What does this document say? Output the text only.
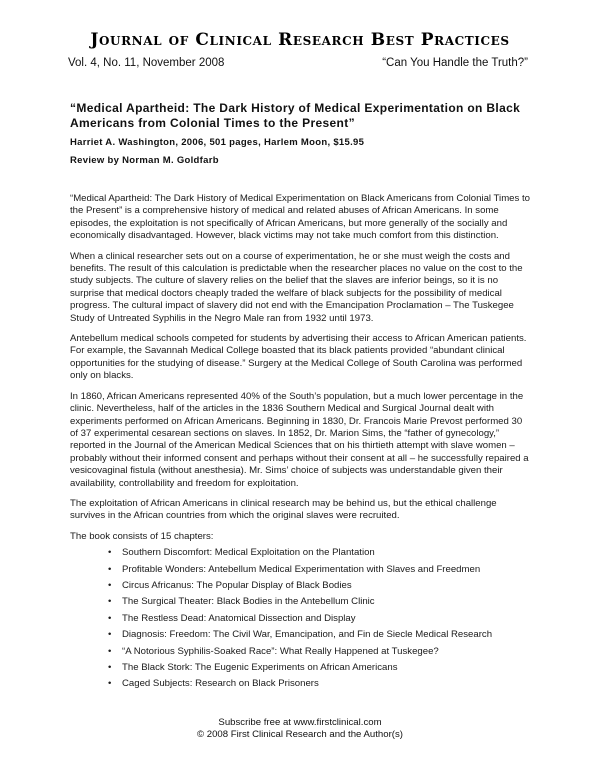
Journal of Clinical Research Best Practices
Vol. 4, No. 11, November 2008	“Can You Handle the Truth?”
“Medical Apartheid: The Dark History of Medical Experimentation on Black Americans from Colonial Times to the Present”

Harriet A. Washington, 2006, 501 pages, Harlem Moon, $15.95

Review by Norman M. Goldfarb

“Medical Apartheid: The Dark History of Medical Experimentation on Black Americans from Colonial Times to the Present” is a comprehensive history of medical and related abuses of African Americans. In some episodes, the exploitation is not specifically of African Americans, but more generally of the socially and economically disadvantaged. However, black victims may not take much comfort from this distinction.

When a clinical researcher sets out on a course of experimentation, he or she must weigh the costs and benefits. The result of this calculation is predictable when the researcher places no value on the cost to the study subjects. The culture of slavery relies on the belief that the slaves are inferior beings, so it is no surprise that medical doctors cheaply traded the welfare of black subjects for the possibility of medical progress. The cultural impact of slavery did not end with the Emancipation Proclamation – The Tuskegee Study of Untreated Syphilis in the Negro Male ran from 1932 until 1973.

Antebellum medical schools competed for students by advertising their access to African American patients. For example, the Savannah Medical College boasted that its black patients provided “abundant clinical opportunities for the studying of disease.” Surgery at the Medical College of South Carolina was performed only on blacks.

In 1860, African Americans represented 40% of the South’s population, but a much lower percentage in the clinic. Nevertheless, half of the articles in the 1836 Southern Medical and Surgical Journal dealt with experiments performed on African Americans. Beginning in 1830, Dr. Francois Marie Prevost performed 30 of 37 experimental cesarean sections on slaves. In 1852, Dr. Marion Sims, the “father of gynecology,” reported in the Journal of the American Medical Sciences that on his thirtieth attempt with slave women – probably without their informed consent and perhaps without their consent at all – he successfully repaired a vesicovaginal fistula (without anesthesia). Mr. Sims’ choice of subjects was understandable given their availability, controllability and freedom for exploitation.

The exploitation of African Americans in clinical research may be behind us, but the ethical challenge survives in the African countries from which the original slaves were recruited.

The book consists of 15 chapters:

• Southern Discomfort: Medical Exploitation on the Plantation
• Profitable Wonders: Antebellum Medical Experimentation with Slaves and Freedmen
• Circus Africanus: The Popular Display of Black Bodies
• The Surgical Theater: Black Bodies in the Antebellum Clinic
• The Restless Dead: Anatomical Dissection and Display
• Diagnosis: Freedom: The Civil War, Emancipation, and Fin de Siecle Medical Research
• “A Notorious Syphilis-Soaked Race”: What Really Happened at Tuskegee?
• The Black Stork: The Eugenic Experiments on African Americans
• Caged Subjects: Research on Black Prisoners
Subscribe free at www.firstclinical.com
© 2008 First Clinical Research and the Author(s)
